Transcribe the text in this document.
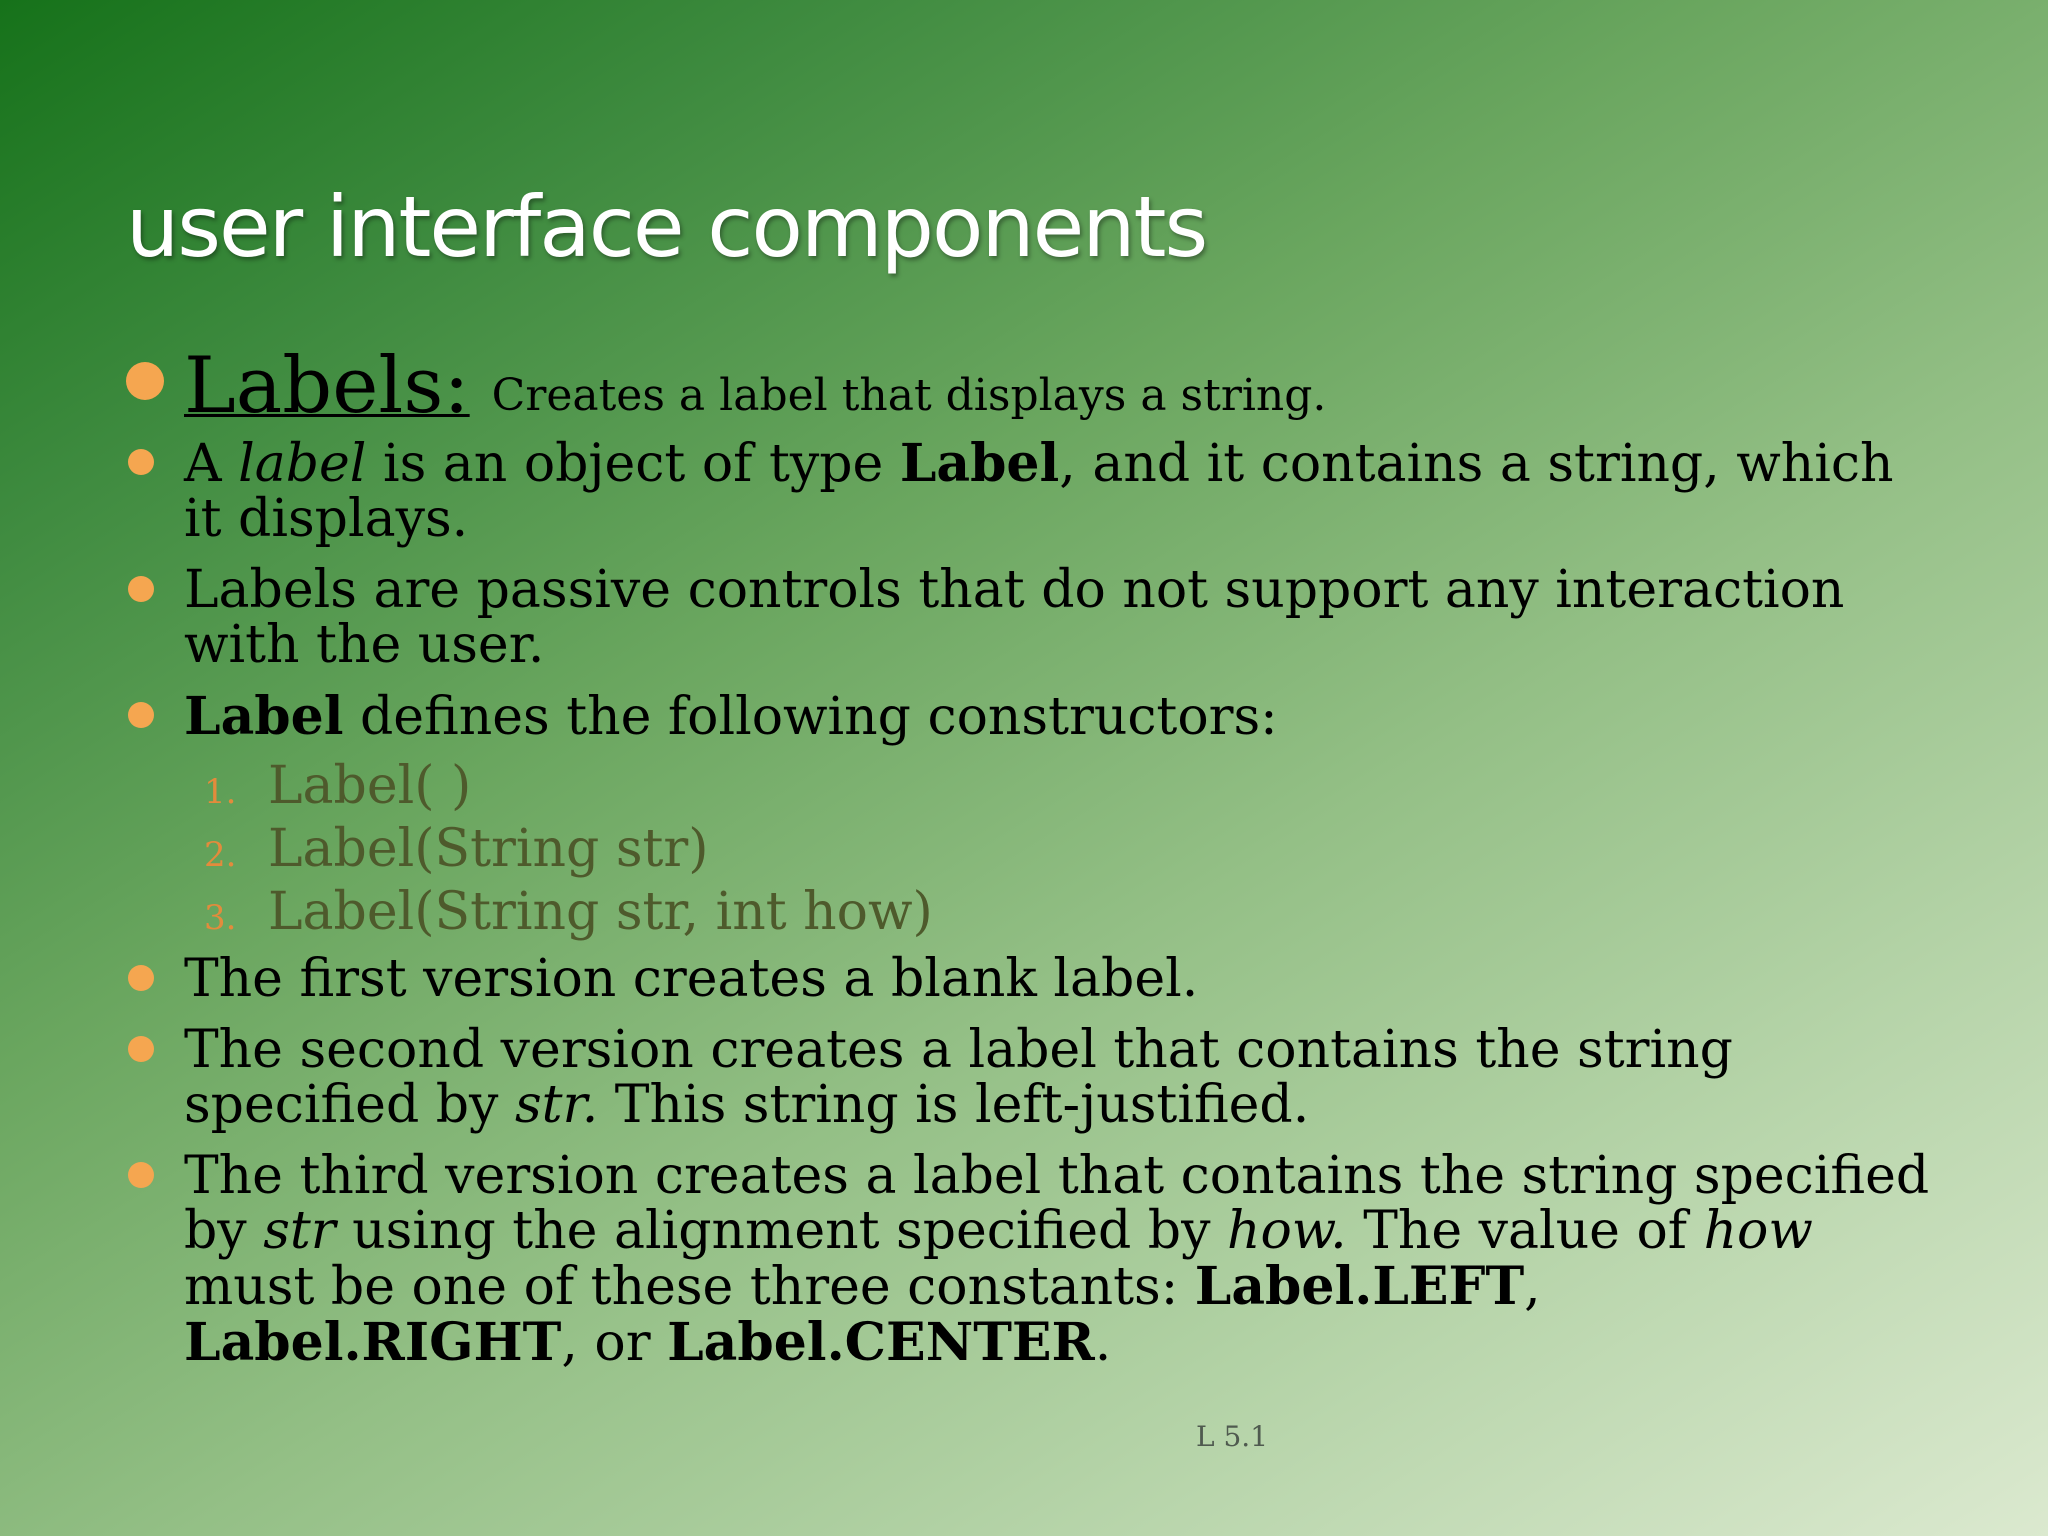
user interface components
Labels: Creates a label that displays a string.
A label is an object of type Label, and it contains a string, which it displays.
Labels are passive controls that do not support any interaction with the user.
Label defines the following constructors:
1. Label( )
2. Label(String str)
3. Label(String str, int how)
The first version creates a blank label.
The second version creates a label that contains the string specified by str. This string is left-justified.
The third version creates a label that contains the string specified by str using the alignment specified by how. The value of how must be one of these three constants: Label.LEFT, Label.RIGHT, or Label.CENTER.
L 5.1
